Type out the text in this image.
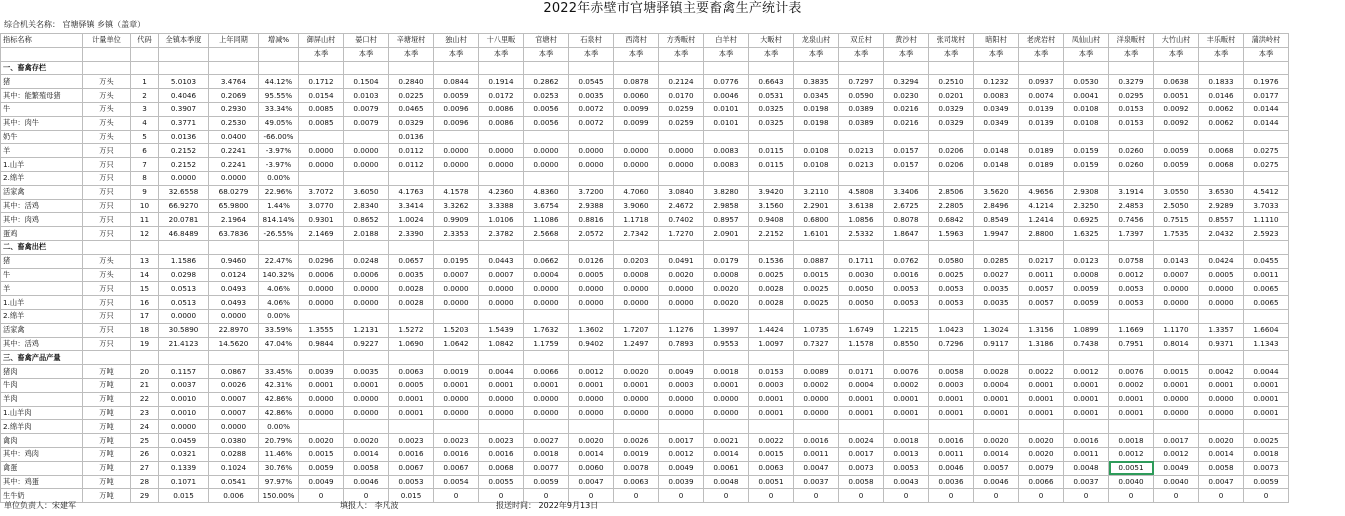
2022年赤壁市官塘驿镇主要畜禽生产统计表
综合机关名称： 官塘驿镇 乡镇（盖章）
指标名称	计量单位	代码	全镇本季度	上年同期	增减%	御屏山村	晏口村	辛塘垭村	独山村	十八里畈	官塘村	石泉村	西湾村	方秀畈村	白羊村	大畈村	龙泉山村	双丘村	黄沙村	张司垅村	暗阳村	老虎岩村	凤仙山村	洋泉畈村	大竹山村	丰乐畈村	蒲洪岭村
						本季	本季	本季	本季	本季	本季	本季	本季	本季	本季	本季	本季	本季	本季	本季	本季	本季	本季	本季	本季	本季	本季
一、畜禽存栏																											
猪	万头	1	5.0103	3.4764	44.12%	0.1712	0.1504	0.2840	0.0844	0.1914	0.2862	0.0545	0.0878	0.2124	0.0776	0.6643	0.3835	0.7297	0.3294	0.2510	0.1232	0.0937	0.0530	0.3279	0.0638	0.1833	0.1976
其中：能繁殖母猪	万头	2	0.4046	0.2069	95.55%	0.0154	0.0103	0.0225	0.0059	0.0172	0.0253	0.0035	0.0060	0.0170	0.0046	0.0531	0.0345	0.0590	0.0230	0.0201	0.0083	0.0074	0.0041	0.0295	0.0051	0.0146	0.0177
牛	万头	3	0.3907	0.2930	33.34%	0.0085	0.0079	0.0465	0.0096	0.0086	0.0056	0.0072	0.0099	0.0259	0.0101	0.0325	0.0198	0.0389	0.0216	0.0329	0.0349	0.0139	0.0108	0.0153	0.0092	0.0062	0.0144
其中：肉牛	万头	4	0.3771	0.2530	49.05%	0.0085	0.0079	0.0329	0.0096	0.0086	0.0056	0.0072	0.0099	0.0259	0.0101	0.0325	0.0198	0.0389	0.0216	0.0329	0.0349	0.0139	0.0108	0.0153	0.0092	0.0062	0.0144
奶牛	万头	5	0.0136	0.0400	-66.00%			0.0136																			
羊	万只	6	0.2152	0.2241	-3.97%	0.0000	0.0000	0.0112	0.0000	0.0000	0.0000	0.0000	0.0000	0.0000	0.0083	0.0115	0.0108	0.0213	0.0157	0.0206	0.0148	0.0189	0.0159	0.0260	0.0059	0.0068	0.0275
1.山羊	万只	7	0.2152	0.2241	-3.97%	0.0000	0.0000	0.0112	0.0000	0.0000	0.0000	0.0000	0.0000	0.0000	0.0083	0.0115	0.0108	0.0213	0.0157	0.0206	0.0148	0.0189	0.0159	0.0260	0.0059	0.0068	0.0275
2.绵羊	万只	8	0.0000	0.0000	0.00%																						
活家禽	万只	9	32.6558	68.0279	22.96%	3.7072	3.6050	4.1763	4.1578	4.2360	4.8360	3.7200	4.7060	3.0840	3.8280	3.9420	3.2110	4.5808	3.3406	2.8506	3.5620	4.9656	2.9308	3.1914	3.0550	3.6530	4.5412
其中：活鸡	万只	10	66.9270	65.9800	1.44%	3.0770	2.8340	3.3414	3.3262	3.3388	3.6754	2.9388	3.9060	2.4672	2.9858	3.1560	2.2901	3.6138	2.6725	2.2805	2.8496	4.1214	2.3250	2.4853	2.5050	2.9289	3.7033
其中：肉鸡	万只	11	20.0781	2.1964	814.14%	0.9301	0.8652	1.0024	0.9909	1.0106	1.1086	0.8816	1.1718	0.7402	0.8957	0.9408	0.6800	1.0856	0.8078	0.6842	0.8549	1.2414	0.6925	0.7456	0.7515	0.8557	1.1110
蛋鸡	万只	12	46.8489	63.7836	-26.55%	2.1469	2.0188	2.3390	2.3353	2.3782	2.5668	2.0572	2.7342	1.7270	2.0901	2.2152	1.6101	2.5332	1.8647	1.5963	1.9947	2.8800	1.6325	1.7397	1.7535	2.0432	2.5923
二、畜禽出栏																											
猪	万头	13	1.1586	0.9460	22.47%	0.0296	0.0248	0.0657	0.0195	0.0443	0.0662	0.0126	0.0203	0.0491	0.0179	0.1536	0.0887	0.1711	0.0762	0.0580	0.0285	0.0217	0.0123	0.0758	0.0143	0.0424	0.0455
牛	万头	14	0.0298	0.0124	140.32%	0.0006	0.0006	0.0035	0.0007	0.0007	0.0004	0.0005	0.0008	0.0020	0.0008	0.0025	0.0015	0.0030	0.0016	0.0025	0.0027	0.0011	0.0008	0.0012	0.0007	0.0005	0.0011
羊	万只	15	0.0513	0.0493	4.06%	0.0000	0.0000	0.0028	0.0000	0.0000	0.0000	0.0000	0.0000	0.0000	0.0020	0.0028	0.0025	0.0050	0.0053	0.0053	0.0035	0.0057	0.0059	0.0053	0.0000	0.0000	0.0065
1.山羊	万只	16	0.0513	0.0493	4.06%	0.0000	0.0000	0.0028	0.0000	0.0000	0.0000	0.0000	0.0000	0.0000	0.0020	0.0028	0.0025	0.0050	0.0053	0.0053	0.0035	0.0057	0.0059	0.0053	0.0000	0.0000	0.0065
2.绵羊	万只	17	0.0000	0.0000	0.00%																						
活家禽	万只	18	30.5890	22.8970	33.59%	1.3555	1.2131	1.5272	1.5203	1.5439	1.7632	1.3602	1.7207	1.1276	1.3997	1.4424	1.0735	1.6749	1.2215	1.0423	1.3024	1.3156	1.0899	1.1669	1.1170	1.3357	1.6604
其中：活鸡	万只	19	21.4123	14.5620	47.04%	0.9844	0.9227	1.0690	1.0642	1.0842	1.1759	0.9402	1.2497	0.7893	0.9553	1.0097	0.7327	1.1578	0.8550	0.7296	0.9117	1.3186	0.7438	0.7951	0.8014	0.9371	1.1343
三、畜禽产品产量																											
猪肉	万吨	20	0.1157	0.0867	33.45%	0.0039	0.0035	0.0063	0.0019	0.0044	0.0066	0.0012	0.0020	0.0049	0.0018	0.0153	0.0089	0.0171	0.0076	0.0058	0.0028	0.0022	0.0012	0.0076	0.0015	0.0042	0.0044
牛肉	万吨	21	0.0037	0.0026	42.31%	0.0001	0.0001	0.0005	0.0001	0.0001	0.0001	0.0001	0.0001	0.0003	0.0001	0.0003	0.0002	0.0004	0.0002	0.0003	0.0004	0.0001	0.0001	0.0002	0.0001	0.0001	0.0001
羊肉	万吨	22	0.0010	0.0007	42.86%	0.0000	0.0000	0.0001	0.0000	0.0000	0.0000	0.0000	0.0000	0.0000	0.0000	0.0001	0.0000	0.0001	0.0001	0.0001	0.0001	0.0001	0.0001	0.0001	0.0000	0.0000	0.0001
1.山羊肉	万吨	23	0.0010	0.0007	42.86%	0.0000	0.0000	0.0001	0.0000	0.0000	0.0000	0.0000	0.0000	0.0000	0.0000	0.0001	0.0000	0.0001	0.0001	0.0001	0.0001	0.0001	0.0001	0.0001	0.0000	0.0000	0.0001
2.绵羊肉	万吨	24	0.0000	0.0000	0.00%																						
禽肉	万吨	25	0.0459	0.0380	20.79%	0.0020	0.0020	0.0023	0.0023	0.0023	0.0027	0.0020	0.0026	0.0017	0.0021	0.0022	0.0016	0.0024	0.0018	0.0016	0.0020	0.0020	0.0016	0.0018	0.0017	0.0020	0.0025
其中：鸡肉	万吨	26	0.0321	0.0288	11.46%	0.0015	0.0014	0.0016	0.0016	0.0016	0.0018	0.0014	0.0019	0.0012	0.0014	0.0015	0.0011	0.0017	0.0013	0.0011	0.0014	0.0020	0.0011	0.0012	0.0012	0.0014	0.0018
禽蛋	万吨	27	0.1339	0.1024	30.76%	0.0059	0.0058	0.0067	0.0067	0.0068	0.0077	0.0060	0.0078	0.0049	0.0061	0.0063	0.0047	0.0073	0.0053	0.0046	0.0057	0.0079	0.0048	0.0051	0.0049	0.0058	0.0073
其中：鸡蛋	万吨	28	0.1071	0.0541	97.97%	0.0049	0.0046	0.0053	0.0054	0.0055	0.0059	0.0047	0.0063	0.0039	0.0048	0.0051	0.0037	0.0058	0.0043	0.0036	0.0046	0.0066	0.0037	0.0040	0.0040	0.0047	0.0059
生牛奶	万吨	29	0.015	0.006	150.00%	0	0	0.015	0	0	0	0	0	0	0	0	0	0	0	0	0	0	0	0	0	0	0
单位负责人：宋建军	填报人： 李凡波	报送时间： 2022年9月13日
